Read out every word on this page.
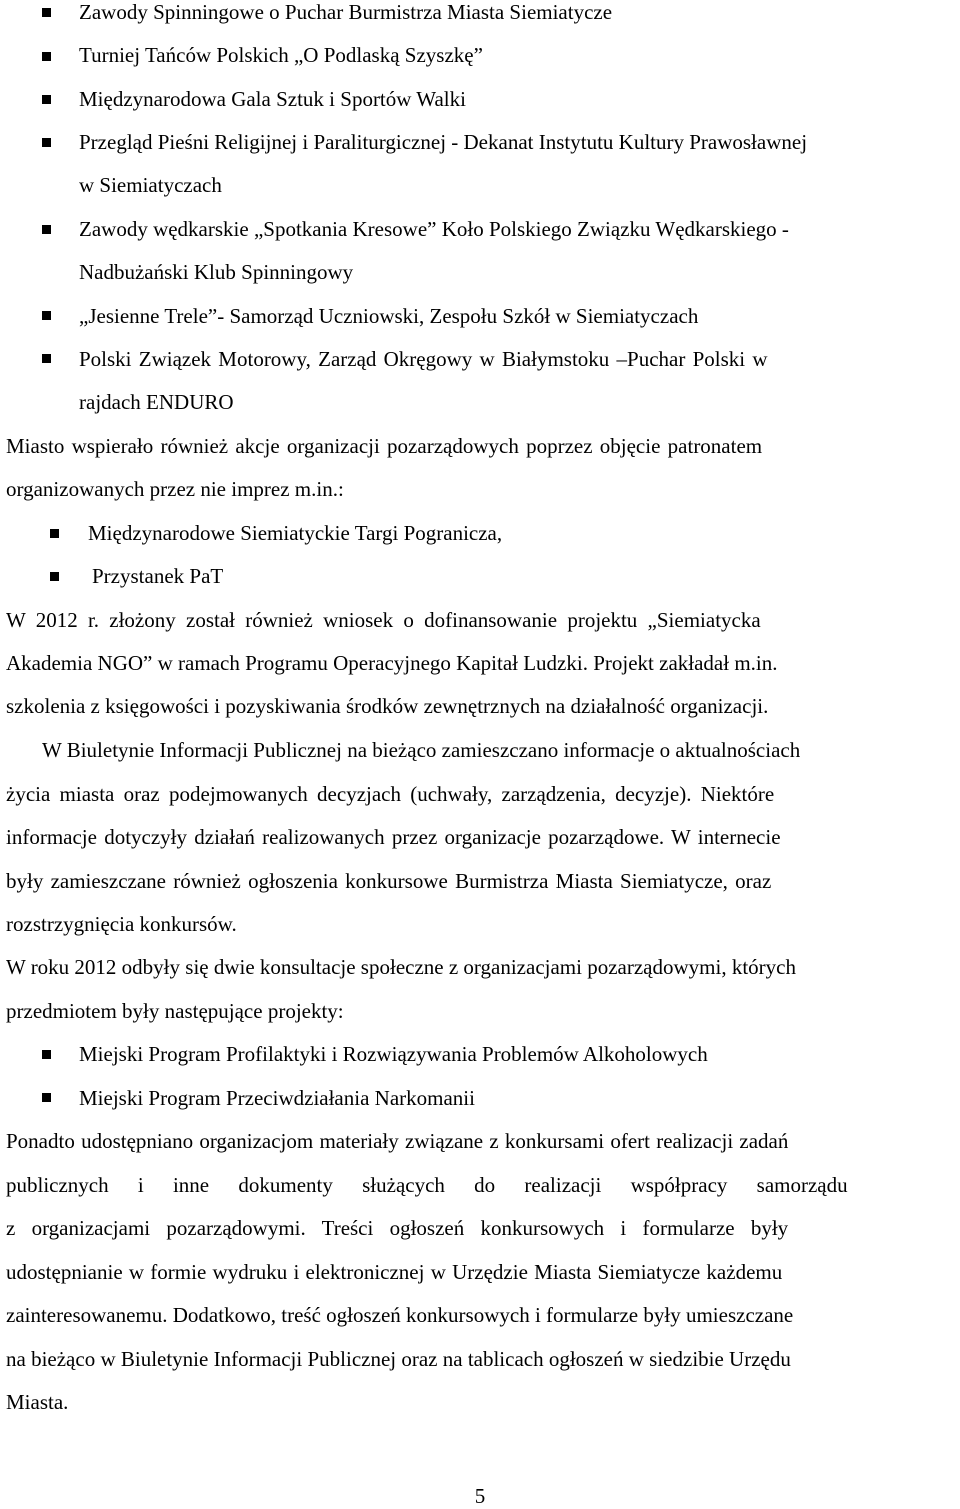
Zawody Spinningowe o Puchar Burmistrza Miasta Siemiatycze
Turniej Tańców Polskich „O Podlaską Szyszkę”
Międzynarodowa Gala Sztuk i Sportów Walki
Przegląd Pieśni Religijnej i Paraliturgicznej - Dekanat Instytutu Kultury Prawosławnej
w Siemiatyczach
Zawody wędkarskie „Spotkania Kresowe” Koło Polskiego Związku Wędkarskiego -
Nadbużański Klub Spinningowy
„Jesienne Trele”- Samorząd Uczniowski, Zespołu Szkół w Siemiatyczach
Polski Związek Motorowy, Zarząd Okręgowy w Białymstoku –Puchar Polski w
rajdach ENDURO
Miasto wspierało również akcje organizacji pozarządowych poprzez objęcie patronatem
organizowanych przez nie imprez m.in.:
Międzynarodowe Siemiatyckie Targi Pogranicza,
Przystanek PaT
W 2012 r. złożony został również wniosek o dofinansowanie projektu „Siemiatycka
Akademia NGO” w ramach Programu Operacyjnego Kapitał Ludzki. Projekt zakładał m.in.
szkolenia z księgowości i pozyskiwania środków zewnętrznych na działalność organizacji.
W Biuletynie Informacji Publicznej na bieżąco zamieszczano informacje o aktualnościach
życia miasta oraz podejmowanych decyzjach (uchwały, zarządzenia, decyzje). Niektóre
informacje dotyczyły działań realizowanych przez organizacje pozarządowe. W internecie
były zamieszczane również ogłoszenia konkursowe Burmistrza Miasta Siemiatycze, oraz
rozstrzygnięcia konkursów.
W roku 2012 odbyły się dwie konsultacje społeczne z organizacjami pozarządowymi, których
przedmiotem były następujące projekty:
Miejski Program Profilaktyki i Rozwiązywania Problemów Alkoholowych
Miejski Program Przeciwdziałania Narkomanii
Ponadto udostępniano organizacjom materiały związane z konkursami ofert realizacji zadań
publicznych i inne dokumenty służących do realizacji współpracy samorządu
z organizacjami pozarządowymi. Treści ogłoszeń konkursowych i formularze były
udostępnianie w formie wydruku i elektronicznej w Urzędzie Miasta Siemiatycze każdemu
zainteresowanemu. Dodatkowo, treść ogłoszeń konkursowych i formularze były umieszczane
na bieżąco w Biuletynie Informacji Publicznej oraz na tablicach ogłoszeń w siedzibie Urzędu
Miasta.
5
